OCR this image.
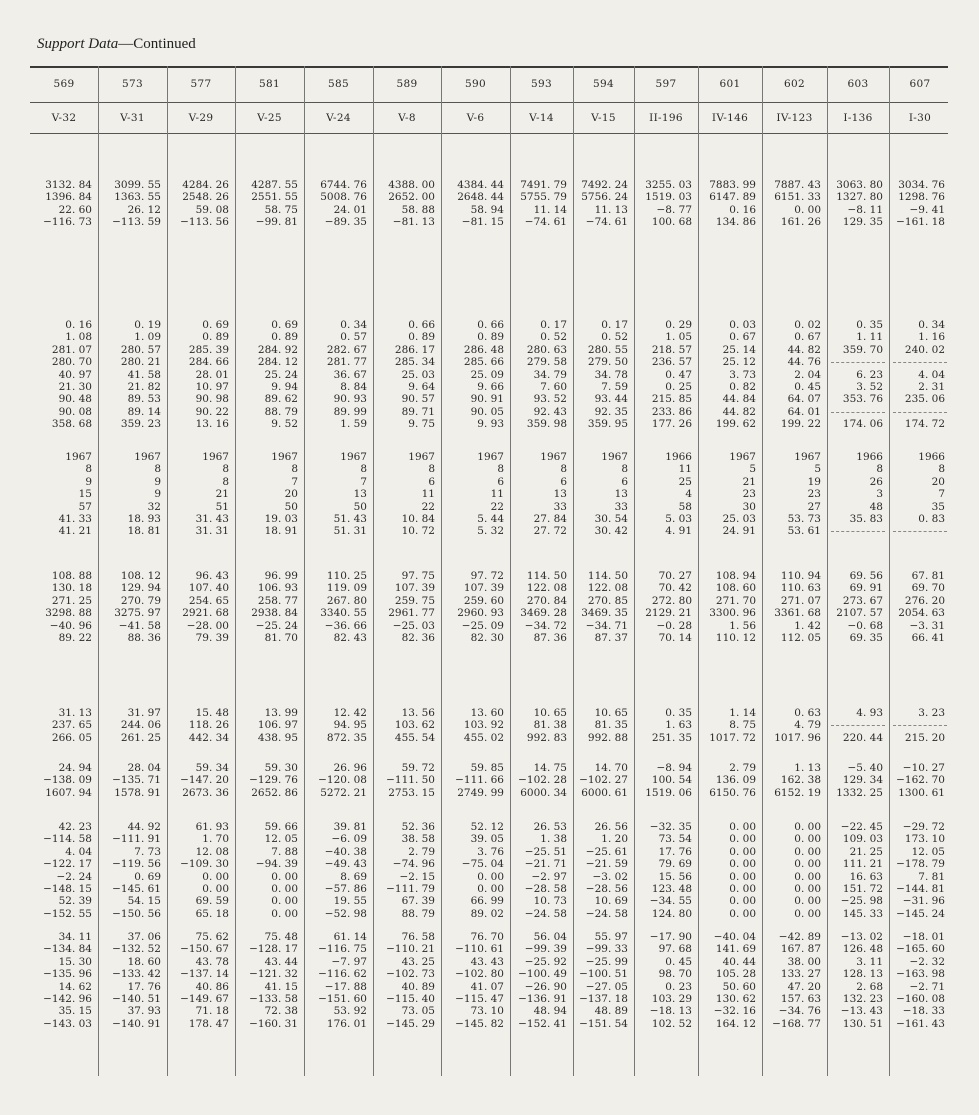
Support Data—Continued
569
V-32
3132. 84
1396. 84
22. 60
−116. 73
0. 16
1. 08
281. 07
280. 70
40. 97
21. 30
90. 48
90. 08
358. 68
1967
8
9
15
57
41. 33
41. 21
108. 88
130. 18
271. 25
3298. 88
−40. 96
89. 22
31. 13
237. 65
266. 05
24. 94
−138. 09
1607. 94
42. 23
−114. 58
4. 04
−122. 17
−2. 24
−148. 15
52. 39
−152. 55
34. 11
−134. 84
15. 30
−135. 96
14. 62
−142. 96
35. 15
−143. 03
573
V-31
3099. 55
1363. 55
26. 12
−113. 59
0. 19
1. 09
280. 57
280. 21
41. 58
21. 82
89. 53
89. 14
359. 23
1967
8
9
9
32
18. 93
18. 81
108. 12
129. 94
270. 79
3275. 97
−41. 58
88. 36
31. 97
244. 06
261. 25
28. 04
−135. 71
1578. 91
44. 92
−111. 91
7. 73
−119. 56
0. 69
−145. 61
54. 15
−150. 56
37. 06
−132. 52
18. 60
−133. 42
17. 76
−140. 51
37. 93
−140. 91
577
V-29
4284. 26
2548. 26
59. 08
−113. 56
0. 69
0. 89
285. 39
284. 66
28. 01
10. 97
90. 98
90. 22
13. 16
1967
8
8
21
51
31. 43
31. 31
96. 43
107. 40
254. 65
2921. 68
−28. 00
79. 39
15. 48
118. 26
442. 34
59. 34
−147. 20
2673. 36
61. 93
1. 70
12. 08
−109. 30
0. 00
0. 00
69. 59
65. 18
75. 62
−150. 67
43. 78
−137. 14
40. 86
−149. 67
71. 18
178. 47
581
V-25
4287. 55
2551. 55
58. 75
−99. 81
0. 69
0. 89
284. 92
284. 12
25. 24
9. 94
89. 62
88. 79
9. 52
1967
8
7
20
50
19. 03
18. 91
96. 99
106. 93
258. 77
2938. 84
−25. 24
81. 70
13. 99
106. 97
438. 95
59. 30
−129. 76
2652. 86
59. 66
12. 05
7. 88
−94. 39
0. 00
0. 00
0. 00
0. 00
75. 48
−128. 17
43. 44
−121. 32
41. 15
−133. 58
72. 38
−160. 31
585
V-24
6744. 76
5008. 76
24. 01
−89. 35
0. 34
0. 57
282. 67
281. 77
36. 67
8. 84
90. 93
89. 99
1. 59
1967
8
7
13
50
51. 43
51. 31
110. 25
119. 09
267. 80
3340. 55
−36. 66
82. 43
12. 42
94. 95
872. 35
26. 96
−120. 08
5272. 21
39. 81
−6. 09
−40. 38
−49. 43
8. 69
−57. 86
19. 55
−52. 98
61. 14
−116. 75
−7. 97
−116. 62
−17. 88
−151. 60
53. 92
176. 01
589
V-8
4388. 00
2652. 00
58. 88
−81. 13
0. 66
0. 89
286. 17
285. 34
25. 03
9. 64
90. 57
89. 71
9. 75
1967
8
6
11
22
10. 84
10. 72
97. 75
107. 39
259. 75
2961. 77
−25. 03
82. 36
13. 56
103. 62
455. 54
59. 72
−111. 50
2753. 15
52. 36
38. 58
2. 79
−74. 96
−2. 15
−111. 79
67. 39
88. 79
76. 58
−110. 21
43. 25
−102. 73
40. 89
−115. 40
73. 05
−145. 29
590
V-6
4384. 44
2648. 44
58. 94
−81. 15
0. 66
0. 89
286. 48
285. 66
25. 09
9. 66
90. 91
90. 05
9. 93
1967
8
6
11
22
5. 44
5. 32
97. 72
107. 39
259. 60
2960. 93
−25. 09
82. 30
13. 60
103. 92
455. 02
59. 85
−111. 66
2749. 99
52. 12
39. 05
3. 76
−75. 04
0. 00
0. 00
66. 99
89. 02
76. 70
−110. 61
43. 43
−102. 80
41. 07
−115. 47
73. 10
−145. 82
593
V-14
7491. 79
5755. 79
11. 14
−74. 61
0. 17
0. 52
280. 63
279. 58
34. 79
7. 60
93. 52
92. 43
359. 98
1967
8
6
13
33
27. 84
27. 72
114. 50
122. 08
270. 84
3469. 28
−34. 72
87. 36
10. 65
81. 38
992. 83
14. 75
−102. 28
6000. 34
26. 53
1. 38
−25. 51
−21. 71
−2. 97
−28. 58
10. 73
−24. 58
56. 04
−99. 39
−25. 92
−100. 49
−26. 90
−136. 91
48. 94
−152. 41
594
V-15
7492. 24
5756. 24
11. 13
−74. 61
0. 17
0. 52
280. 55
279. 50
34. 78
7. 59
93. 44
92. 35
359. 95
1967
8
6
13
33
30. 54
30. 42
114. 50
122. 08
270. 85
3469. 35
−34. 71
87. 37
10. 65
81. 35
992. 88
14. 70
−102. 27
6000. 61
26. 56
1. 20
−25. 61
−21. 59
−3. 02
−28. 56
10. 69
−24. 58
55. 97
−99. 33
−25. 99
−100. 51
−27. 05
−137. 18
48. 89
−151. 54
597
II-196
3255. 03
1519. 03
−8. 77
100. 68
0. 29
1. 05
218. 57
236. 57
0. 47
0. 25
215. 85
233. 86
177. 26
1966
11
25
4
58
5. 03
4. 91
70. 27
70. 42
272. 80
2129. 21
−0. 28
70. 14
0. 35
1. 63
251. 35
−8. 94
100. 54
1519. 06
−32. 35
73. 54
17. 76
79. 69
15. 56
123. 48
−34. 55
124. 80
−17. 90
97. 68
0. 45
98. 70
0. 23
103. 29
−18. 13
102. 52
601
IV-146
7883. 99
6147. 89
0. 16
134. 86
0. 03
0. 67
25. 14
25. 12
3. 73
0. 82
44. 84
44. 82
199. 62
1967
5
21
23
30
25. 03
24. 91
108. 94
108. 60
271. 70
3300. 96
1. 56
110. 12
1. 14
8. 75
1017. 72
2. 79
136. 09
6150. 76
0. 00
0. 00
0. 00
0. 00
0. 00
0. 00
0. 00
0. 00
−40. 04
141. 69
40. 44
105. 28
50. 60
130. 62
−32. 16
164. 12
602
IV-123
7887. 43
6151. 33
0. 00
161. 26
0. 02
0. 67
44. 82
44. 76
2. 04
0. 45
64. 07
64. 01
199. 22
1967
5
19
23
27
53. 73
53. 61
110. 94
110. 63
271. 07
3361. 68
1. 42
112. 05
0. 63
4. 79
1017. 96
1. 13
162. 38
6152. 19
0. 00
0. 00
0. 00
0. 00
0. 00
0. 00
0. 00
0. 00
−42. 89
167. 87
38. 00
133. 27
47. 20
157. 63
−34. 76
−168. 77
603
I-136
3063. 80
1327. 80
−8. 11
129. 35
0. 35
1. 11
359. 70
6. 23
3. 52
353. 76
174. 06
1966
8
26
3
48
35. 83
69. 56
69. 91
273. 67
2107. 57
−0. 68
69. 35
4. 93
220. 44
−5. 40
129. 34
1332. 25
−22. 45
109. 03
21. 25
111. 21
16. 63
151. 72
−25. 98
145. 33
−13. 02
126. 48
3. 11
128. 13
2. 68
132. 23
−13. 43
130. 51
607
I-30
3034. 76
1298. 76
−9. 41
−161. 18
0. 34
1. 16
240. 02
4. 04
2. 31
235. 06
174. 72
1966
8
20
7
35
0. 83
67. 81
69. 70
276. 20
2054. 63
−3. 31
66. 41
3. 23
215. 20
−10. 27
−162. 70
1300. 61
−29. 72
173. 10
12. 05
−178. 79
7. 81
−144. 81
−31. 96
−145. 24
−18. 01
−165. 60
−2. 32
−163. 98
−2. 71
−160. 08
−18. 33
−161. 43
